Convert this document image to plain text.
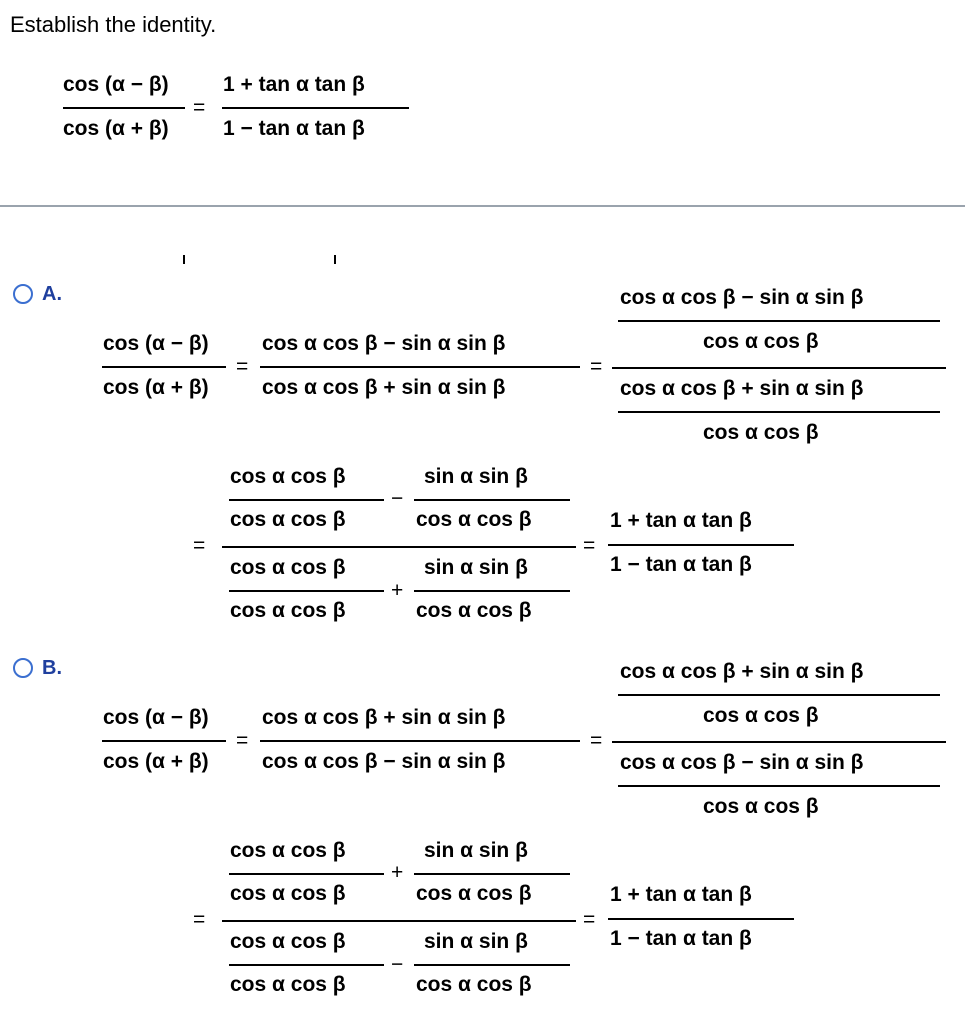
Establish the identity.
cos (α − β)
cos (α + β)
=
1 + tan α tan β
1 − tan α tan β
A.
cos (α − β)
cos (α + β)
=
cos α cos β − sin α sin β
cos α cos β + sin α sin β
=
cos α cos β − sin α sin β
cos α cos β
cos α cos β + sin α sin β
cos α cos β
=
cos α cos β
cos α cos β
−
sin α sin β
cos α cos β
cos α cos β
cos α cos β
+
sin α sin β
cos α cos β
=
1 + tan α tan β
1 − tan α tan β
B.
cos (α − β)
cos (α + β)
=
cos α cos β + sin α sin β
cos α cos β − sin α sin β
=
cos α cos β + sin α sin β
cos α cos β
cos α cos β − sin α sin β
cos α cos β
=
cos α cos β
cos α cos β
+
sin α sin β
cos α cos β
cos α cos β
cos α cos β
−
sin α sin β
cos α cos β
=
1 + tan α tan β
1 − tan α tan β
